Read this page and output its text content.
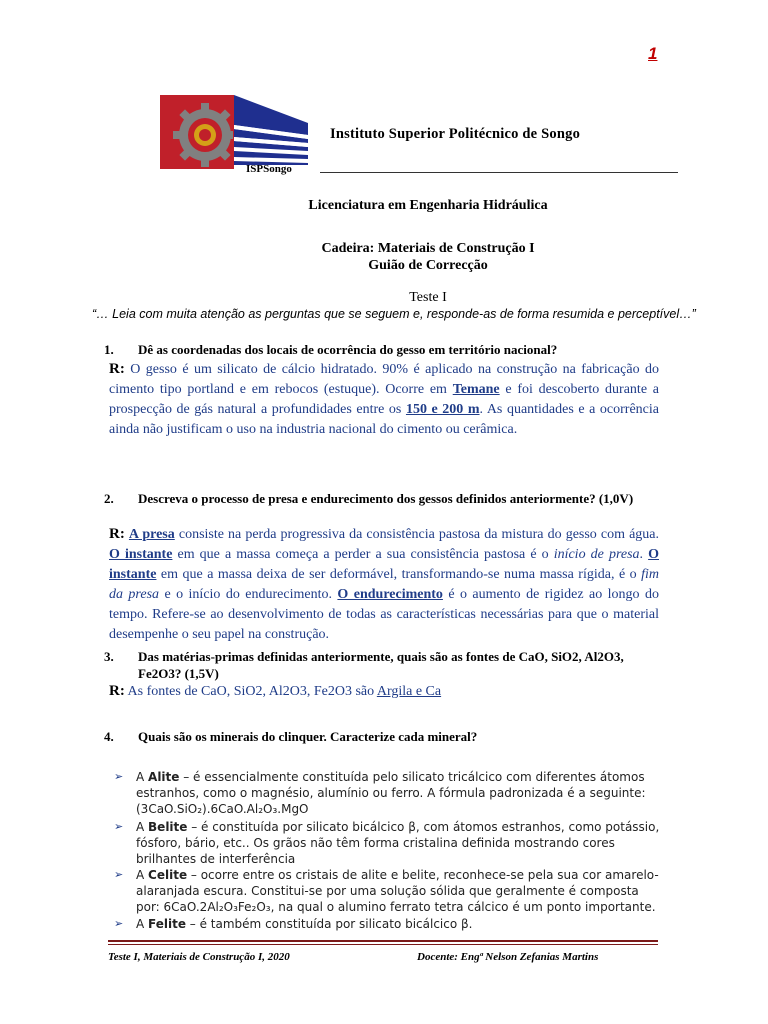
1
ISPSongo
Instituto Superior Politécnico de Songo
Licenciatura em Engenharia Hidráulica
Cadeira: Materiais de Construção I
Guião de Correcção
Teste I
“… Leia com muita atenção as perguntas que se seguem e, responde-as de forma resumida e perceptível…”
1.	Dê as coordenadas dos locais de ocorrência do gesso em território nacional?
R: O gesso é um silicato de cálcio hidratado. 90% é aplicado na construção na fabricação do cimento tipo portland e em rebocos (estuque). Ocorre em Temane e foi descoberto durante a prospecção de gás natural a profundidades entre os 150 e 200 m. As quantidades e a ocorrência ainda não justificam o uso na industria nacional do cimento ou cerâmica.
2.	Descreva o processo de presa e endurecimento dos gessos definidos anteriormente? (1,0V)
R: A presa consiste na perda progressiva da consistência pastosa da mistura do gesso com água. O instante em que a massa começa a perder a sua consistência pastosa é o início de presa. O instante em que a massa deixa de ser deformável, transformando-se numa massa rígida, é o fim da presa e o início do endurecimento. O endurecimento é o aumento de rigidez ao longo do tempo. Refere-se ao desenvolvimento de todas as características necessárias para que o material desempenhe o seu papel na construção.
3.	Das matérias-primas definidas anteriormente, quais são as fontes de CaO, SiO2, Al2O3, Fe2O3? (1,5V)
R: As fontes de CaO, SiO2, Al2O3, Fe2O3 são Argila e Ca
4.	Quais são os minerais do clinquer. Caracterize cada mineral?
➢ A Alite – é essencialmente constituída pelo silicato tricálcico com diferentes átomos estranhos, como o magnésio, alumínio ou ferro. A fórmula padronizada é a seguinte:
(3CaO.SiO₂).6CaO.Al₂O₃.MgO
➢ A Belite – é constituída por silicato bicálcico β, com átomos estranhos, como potássio, fósforo, bário, etc.. Os grãos não têm forma cristalina definida mostrando cores brilhantes de interferência
➢ A Celite – ocorre entre os cristais de alite e belite, reconhece-se pela sua cor amarelo-alaranjada escura. Constitui-se por uma solução sólida que geralmente é composta por: 6CaO.2Al₂O₃Fe₂O₃, na qual o alumino ferrato tetra cálcico é um ponto importante.
➢ A Felite – é também constituída por silicato bicálcico β.
Teste I, Materiais de Construção I, 2020	Docente: Engª Nelson Zefanias Martins
